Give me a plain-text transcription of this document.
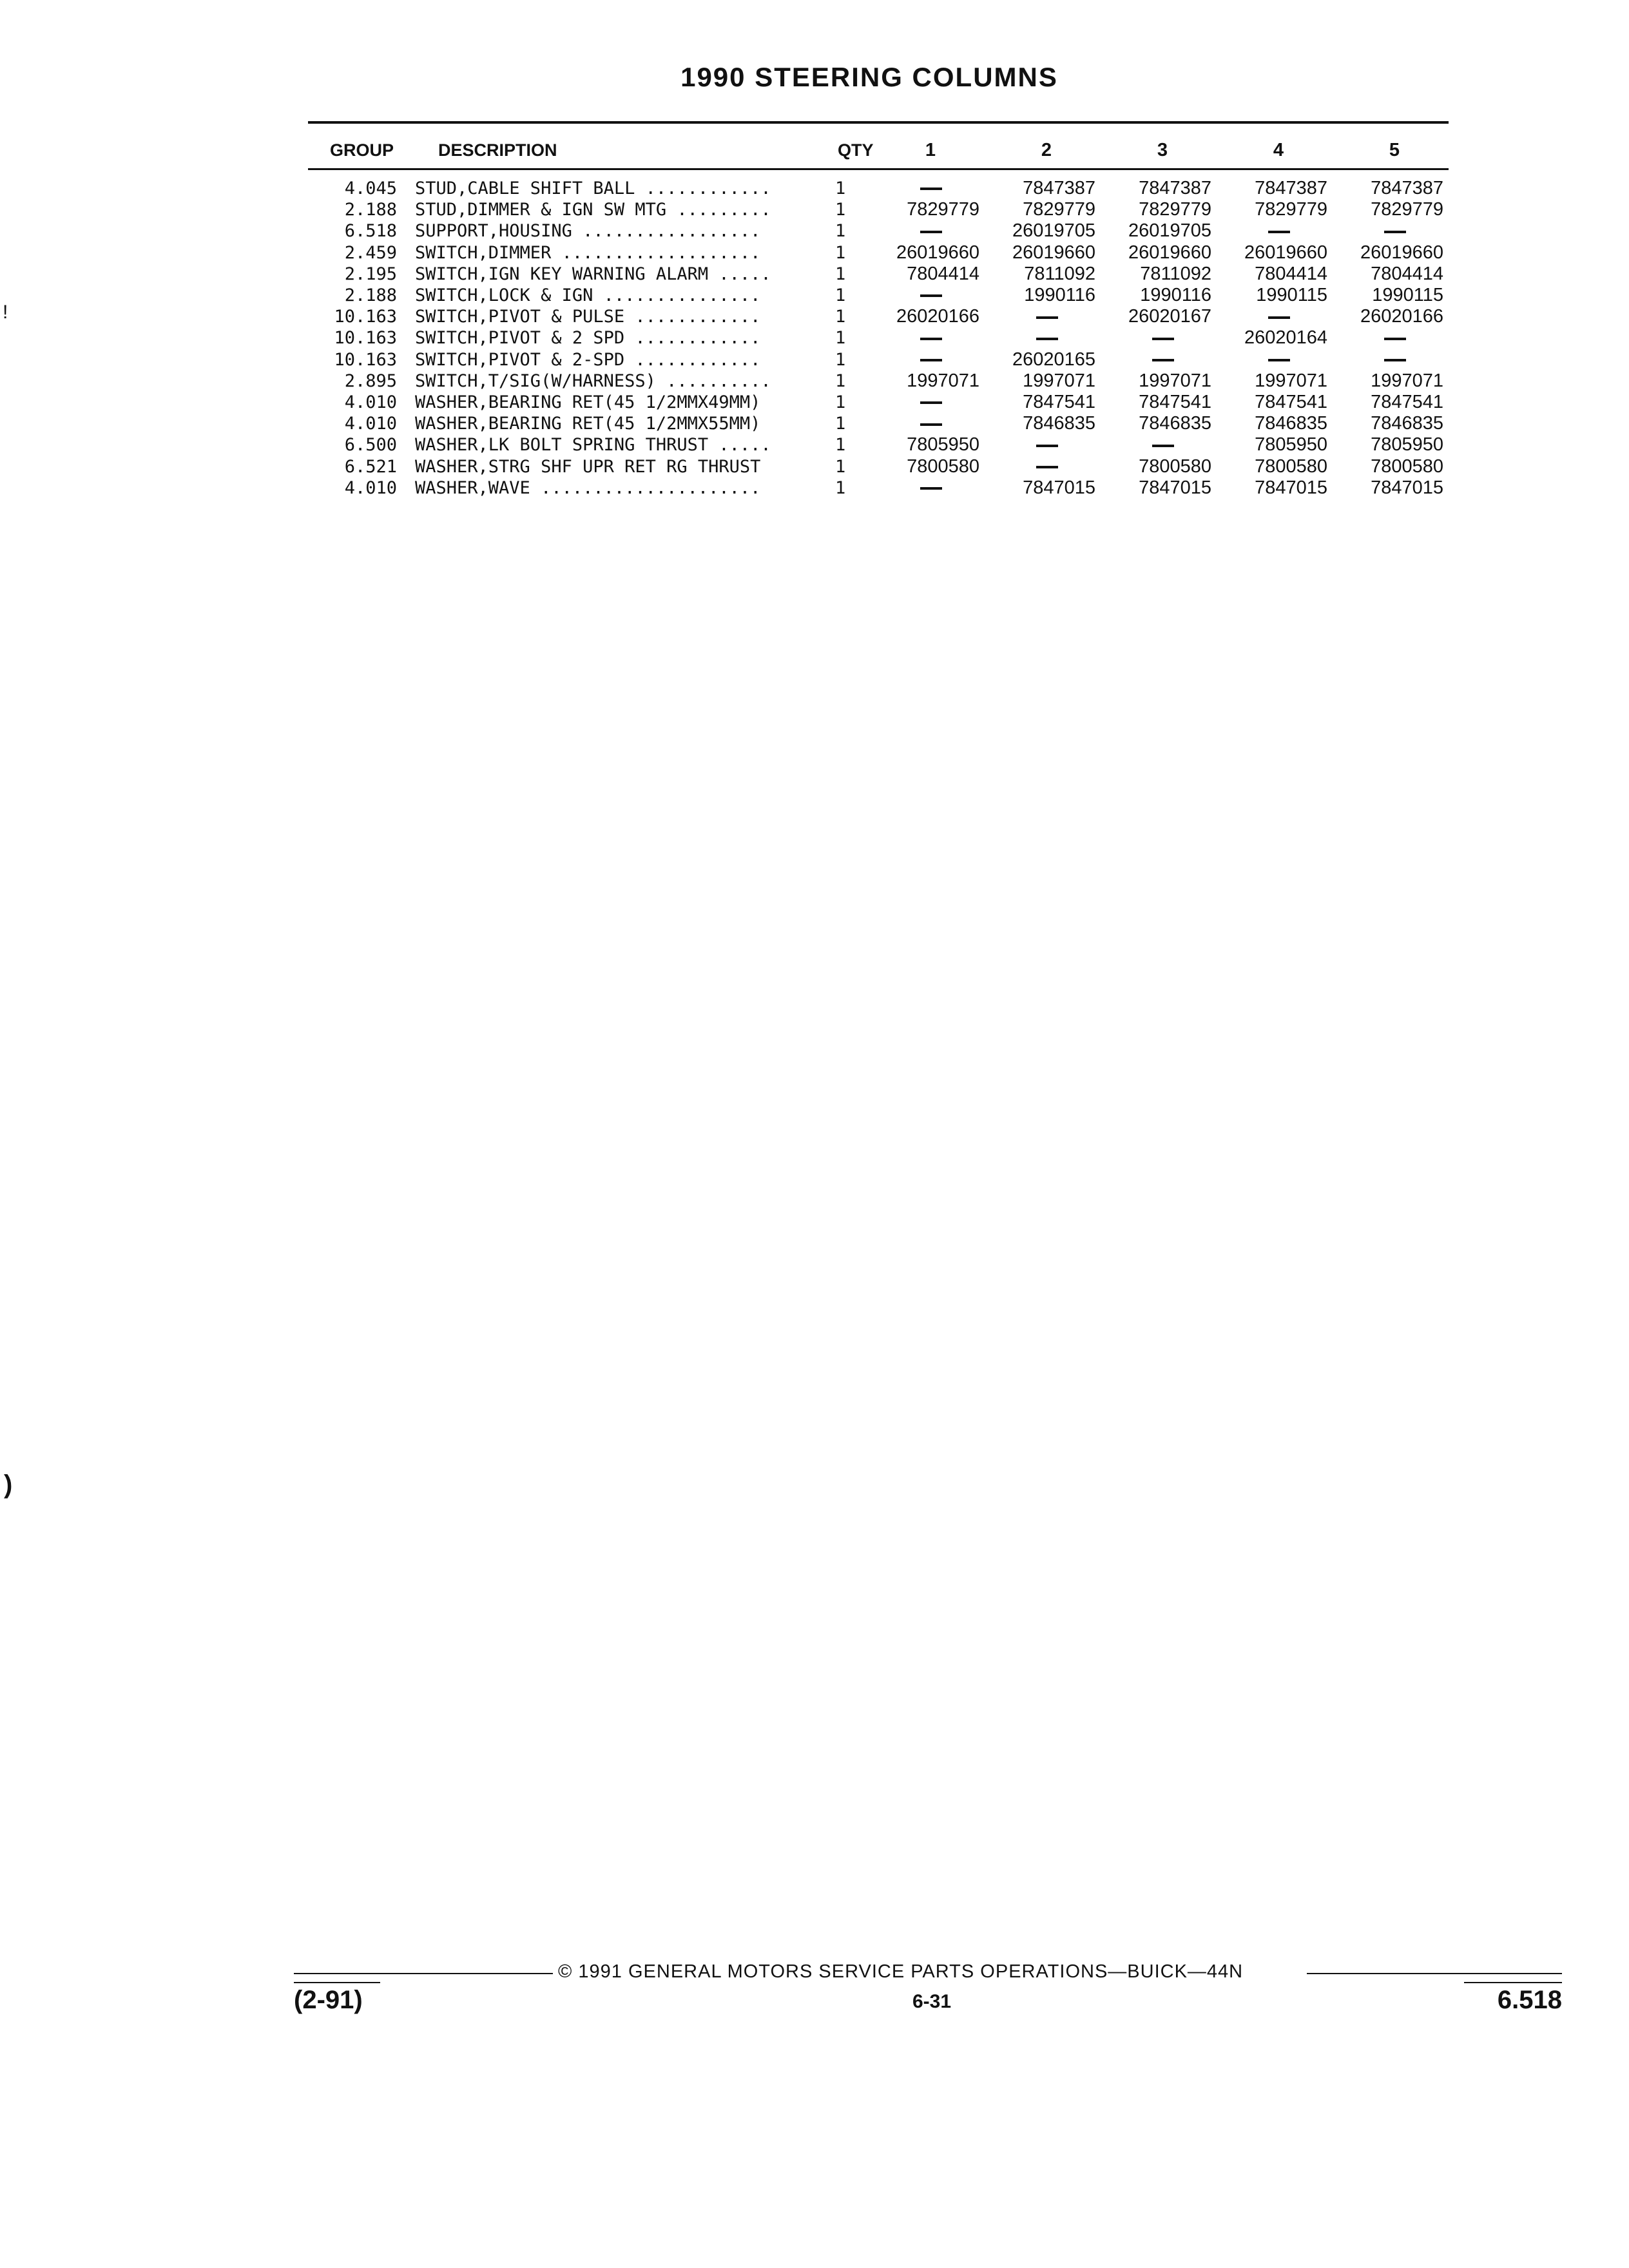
1990 STEERING COLUMNS
GROUP	DESCRIPTION	QTY	1	2	3	4	5
4.045	STUD,CABLE SHIFT BALL ............	1		7847387	7847387	7847387	7847387
2.188	STUD,DIMMER & IGN SW MTG .........	1	7829779	7829779	7829779	7829779	7829779
6.518	SUPPORT,HOUSING .................	1		26019705	26019705		
2.459	SWITCH,DIMMER ...................	1	26019660	26019660	26019660	26019660	26019660
2.195	SWITCH,IGN KEY WARNING ALARM .....	1	7804414	7811092	7811092	7804414	7804414
2.188	SWITCH,LOCK & IGN ...............	1		1990116	1990116	1990115	1990115
10.163	SWITCH,PIVOT & PULSE ............	1	26020166		26020167		26020166
10.163	SWITCH,PIVOT & 2 SPD ............	1				26020164	
10.163	SWITCH,PIVOT & 2-SPD ............	1		26020165			
2.895	SWITCH,T/SIG(W/HARNESS) ..........	1	1997071	1997071	1997071	1997071	1997071
4.010	WASHER,BEARING RET(45 1/2MMX49MM)	1		7847541	7847541	7847541	7847541
4.010	WASHER,BEARING RET(45 1/2MMX55MM)	1		7846835	7846835	7846835	7846835
6.500	WASHER,LK BOLT SPRING THRUST .....	1	7805950			7805950	7805950
6.521	WASHER,STRG SHF UPR RET RG THRUST	1	7800580		7800580	7800580	7800580
4.010	WASHER,WAVE .....................	1		7847015	7847015	7847015	7847015
© 1991 GENERAL MOTORS SERVICE PARTS OPERATIONS—BUICK—44N
(2-91)	6-31	6.518
!
)
